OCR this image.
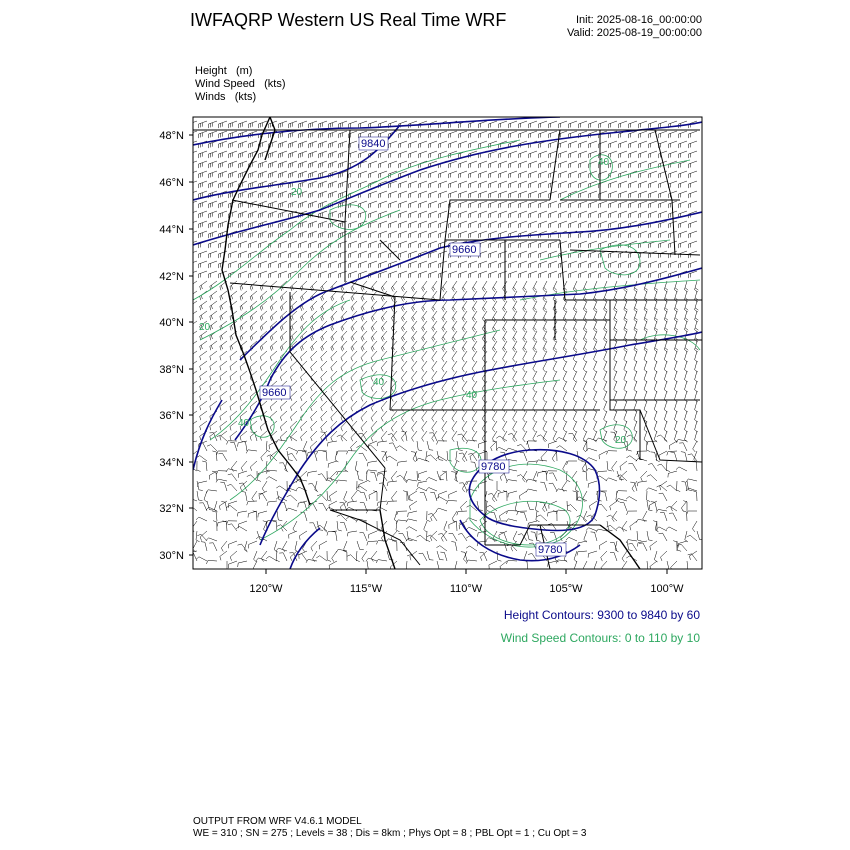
IWFAQRP Western US Real Time WRF	Init: 2025-08-16_00:00:00
Valid: 2025-08-19_00:00:00
Height (m)
Wind Speed (kts)
Winds (kts)
9840
9660
9660
9780
9780
20
40
20
40
40
20
40
48°N
46°N
44°N
42°N
40°N
38°N
36°N
34°N
32°N
30°N
120°W	115°W	110°W	105°W	100°W
Height Contours: 9300 to 9840 by 60
Wind Speed Contours: 0 to 110 by 10
OUTPUT FROM WRF V4.6.1 MODEL
WE = 310 ; SN = 275 ; Levels = 38 ; Dis = 8km ; Phys Opt = 8 ; PBL Opt = 1 ; Cu Opt = 3
